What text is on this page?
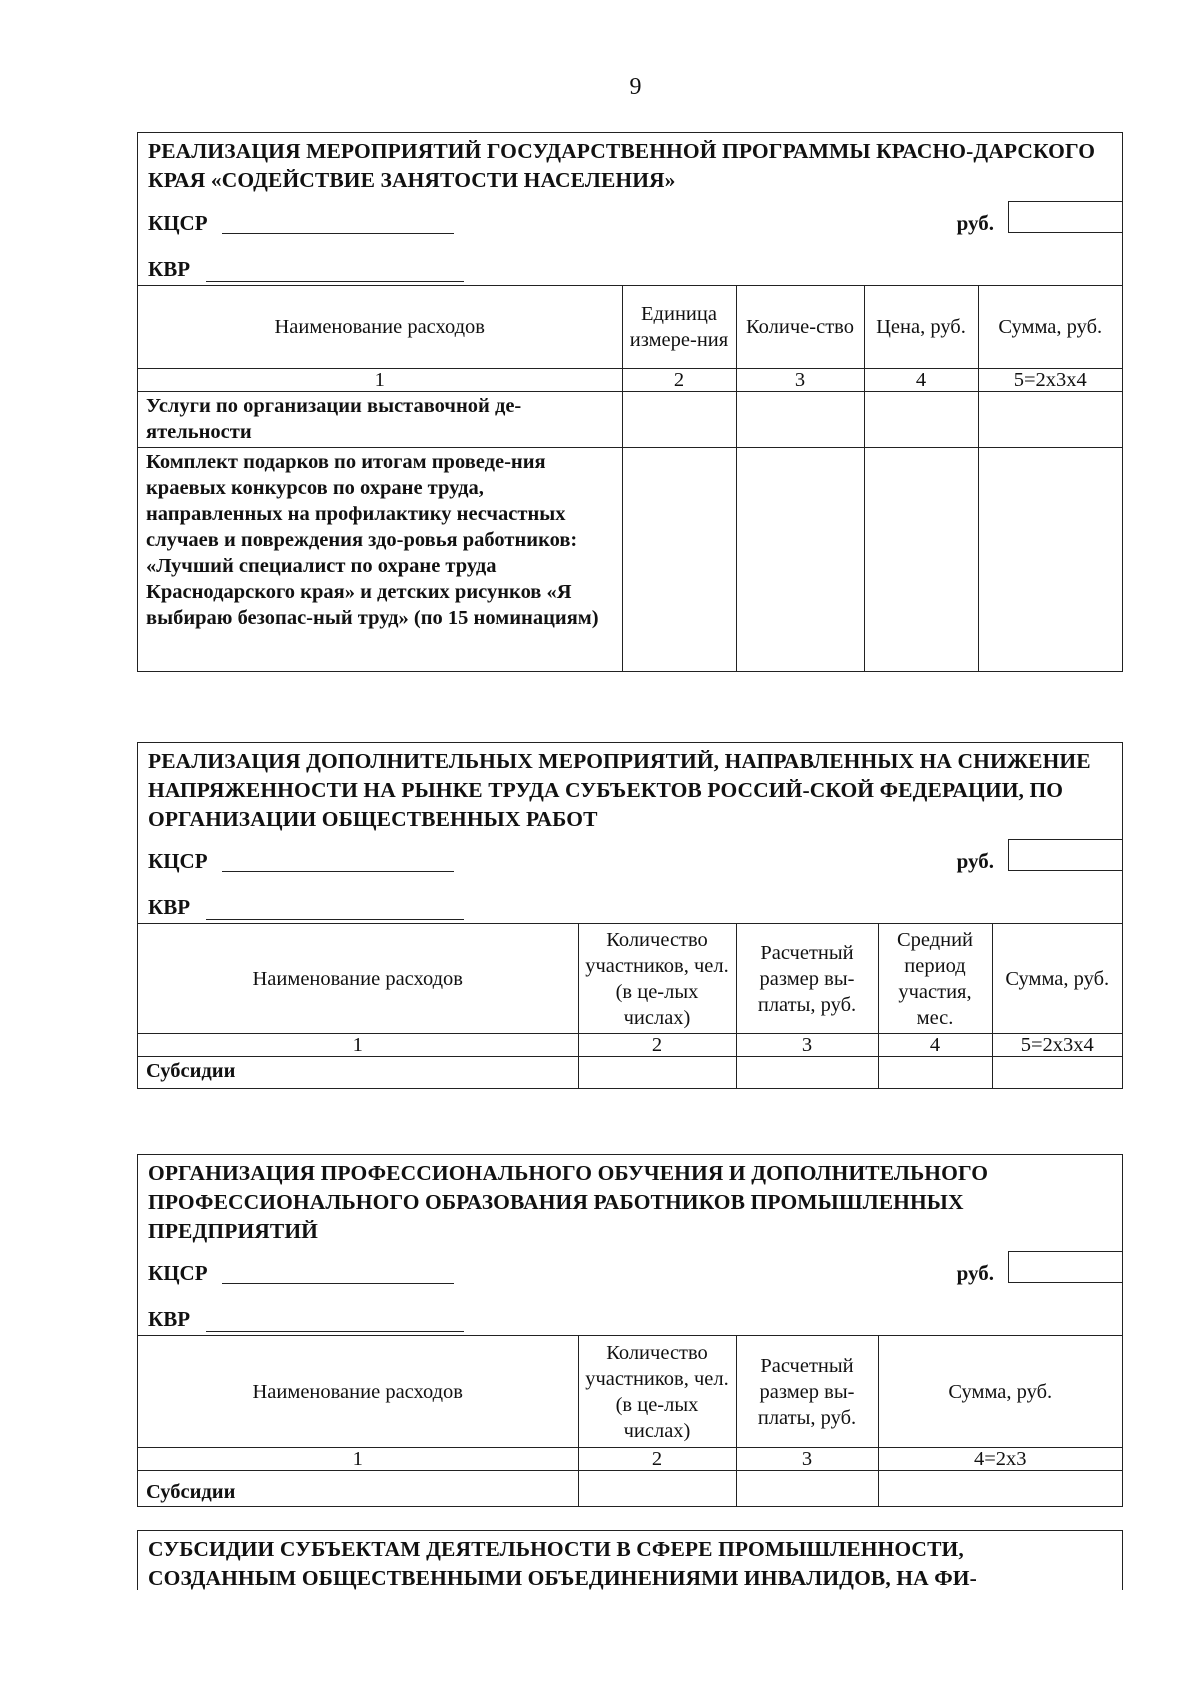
9
РЕАЛИЗАЦИЯ МЕРОПРИЯТИЙ ГОСУДАРСТВЕННОЙ ПРОГРАММЫ КРАСНО-ДАРСКОГО КРАЯ «СОДЕЙСТВИЕ ЗАНЯТОСТИ НАСЕЛЕНИЯ»
КЦСР	руб.
КВР
Наименование расходов	Единица измере-ния	Количе-ство	Цена, руб.	Сумма, руб.
1	2	3	4	5=2х3х4
Услуги по организации выставочной де-ятельности				
Комплект подарков по итогам проведе-ния краевых конкурсов по охране труда, направленных на профилактику несчастных случаев и повреждения здо-ровья работников: «Лучший специалист по охране труда Краснодарского края» и детских рисунков «Я выбираю безопас-ный труд» (по 15 номинациям)				
РЕАЛИЗАЦИЯ ДОПОЛНИТЕЛЬНЫХ МЕРОПРИЯТИЙ, НАПРАВЛЕННЫХ НА СНИЖЕНИЕ НАПРЯЖЕННОСТИ НА РЫНКЕ ТРУДА СУБЪЕКТОВ РОССИЙ-СКОЙ ФЕДЕРАЦИИ, ПО ОРГАНИЗАЦИИ ОБЩЕСТВЕННЫХ РАБОТ
КЦСР	руб.
КВР
Наименование расходов	Количество участников, чел. (в це-лых числах)	Расчетный размер вы-платы, руб.	Средний период участия, мес.	Сумма, руб.
1	2	3	4	5=2х3х4
Субсидии				
ОРГАНИЗАЦИЯ ПРОФЕССИОНАЛЬНОГО ОБУЧЕНИЯ И ДОПОЛНИТЕЛЬНОГО ПРОФЕССИОНАЛЬНОГО ОБРАЗОВАНИЯ РАБОТНИКОВ ПРОМЫШЛЕННЫХ ПРЕДПРИЯТИЙ
КЦСР	руб.
КВР
Наименование расходов	Количество участников, чел. (в це-лых числах)	Расчетный размер вы-платы, руб.	Сумма, руб.
1	2	3	4=2х3
Субсидии			
СУБСИДИИ СУБЪЕКТАМ ДЕЯТЕЛЬНОСТИ В СФЕРЕ ПРОМЫШЛЕННОСТИ, СОЗДАННЫМ ОБЩЕСТВЕННЫМИ ОБЪЕДИНЕНИЯМИ ИНВАЛИДОВ, НА ФИ-
